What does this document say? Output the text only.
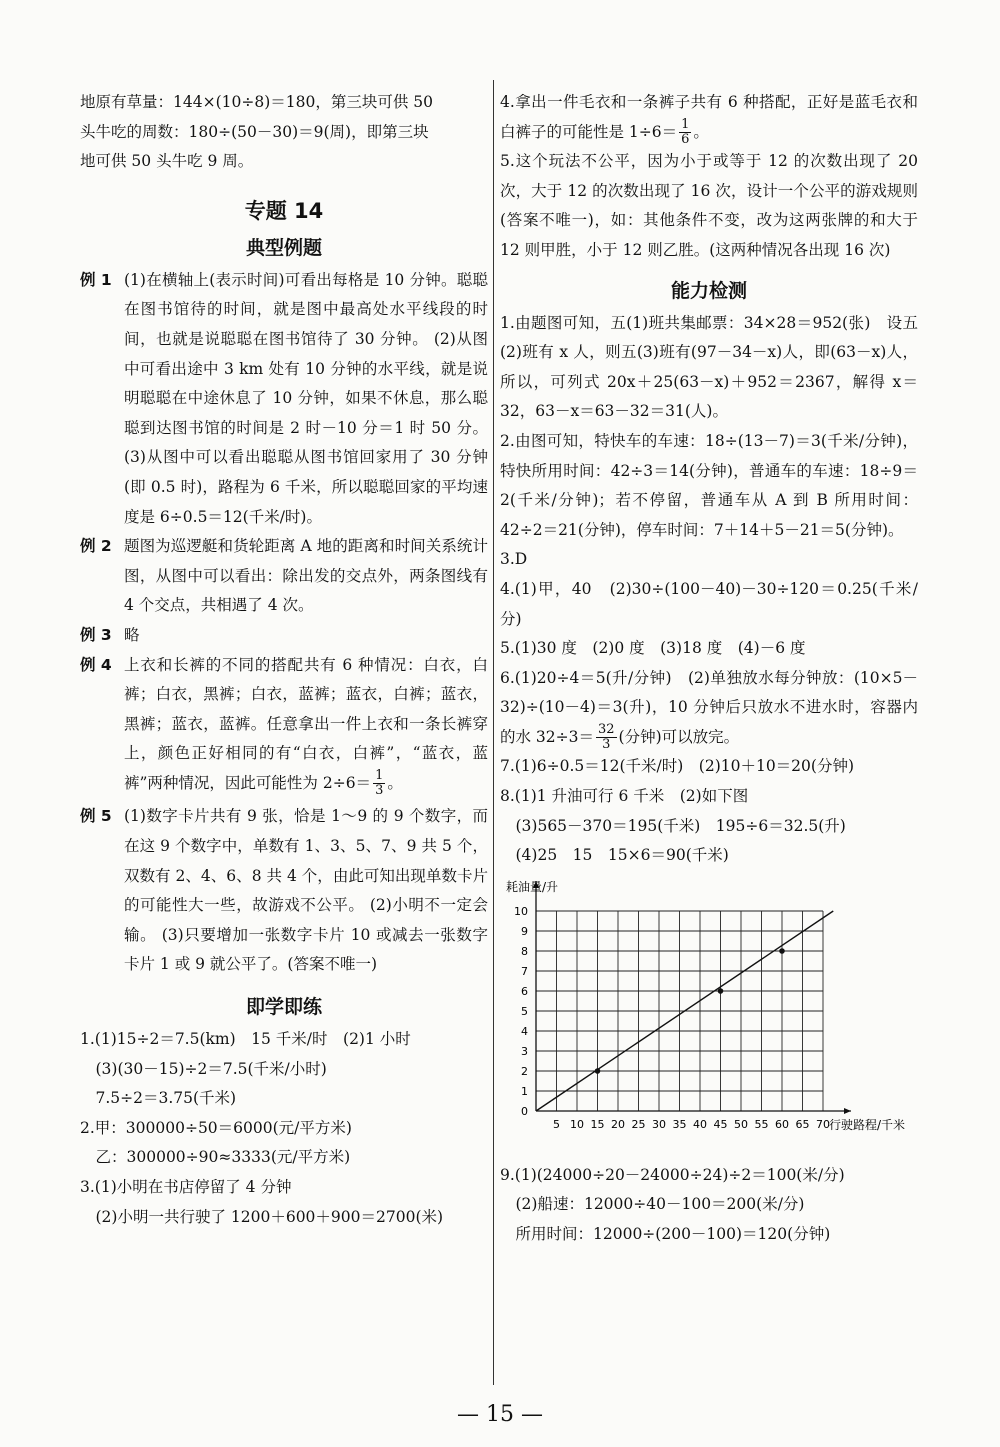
地原有草量：144×(10÷8)＝180，第三块可供 50

头牛吃的周数：180÷(50－30)＝9(周)，即第三块

地可供 50 头牛吃 9 周。

专题 14
典型例题
例 1 (1)在横轴上(表示时间)可看出每格是 10 分钟。聪聪在图书馆待的时间，就是图中最高处水平线段的时间，也就是说聪聪在图书馆待了 30 分钟。 (2)从图中可看出途中 3 km 处有 10 分钟的水平线，就是说明聪聪在中途休息了 10 分钟，如果不休息，那么聪聪到达图书馆的时间是 2 时－10 分＝1 时 50 分。 (3)从图中可以看出聪聪从图书馆回家用了 30 分钟(即 0.5 时)，路程为 6 千米，所以聪聪回家的平均速度是 6÷0.5＝12(千米/时)。
例 2 题图为巡逻艇和货轮距离 A 地的距离和时间关系统计图，从图中可以看出：除出发的交点外，两条图线有 4 个交点，共相遇了 4 次。
例 3 略
例 4 上衣和长裤的不同的搭配共有 6 种情况：白衣，白裤；白衣，黑裤；白衣，蓝裤；蓝衣，白裤；蓝衣，黑裤；蓝衣，蓝裤。任意拿出一件上衣和一条长裤穿上，颜色正好相同的有“白衣，白裤”，“蓝衣，蓝裤”两种情况，因此可能性为 $2\div 6= \frac{1}{3}$ 。
例 5 (1)数字卡片共有 9 张，恰是 1～9 的 9 个数字，而在这 9 个数字中，单数有 1、3、5、7、9 共 5 个，双数有 2、4、6、8 共 4 个，由此可知出现单数卡片的可能性大一些，故游戏不公平。 (2)小明不一定会输。 (3)只要增加一张数字卡片 10 或减去一张数字卡片 1 或 9 就公平了。(答案不唯一)
即学即练

1.(1)15÷2＝7.5(km)　15 千米/时　(2)1 小时

　(3)(30－15)÷2＝7.5(千米/小时)

　7.5÷2＝3.75(千米)

2.甲：300000÷50＝6000(元/平方米)

　乙：300000÷90≈3333(元/平方米)

3.(1)小明在书店停留了 4 分钟

　(2)小明一共行驶了 1200＋600＋900＝2700(米)

4.拿出一件毛衣和一条裤子共有 6 种搭配，正好是蓝毛衣和白裤子的可能性是 $1\div 6= \frac{1}{6}$ 。
5.这个玩法不公平，因为小于或等于 12 的次数出现了 20 次，大于 12 的次数出现了 16 次，设计一个公平的游戏规则(答案不唯一)，如：其他条件不变，改为这两张牌的和大于 12 则甲胜，小于 12 则乙胜。(这两种情况各出现 16 次)
能力检测
1.由题图可知，五(1)班共集邮票：34×28＝952(张)　设五(2)班有 x 人，则五(3)班有(97－34－x)人，即(63－x)人，所以，可列式 20x＋25(63－x)＋952＝2367，解得 x＝32，63－x＝63－32＝31(人)。
2.由图可知，特快车的车速：18÷(13－7)＝3(千米/分钟)，特快所用时间：42÷3＝14(分钟)，普通车的车速：18÷9＝2(千米/分钟)；若不停留，普通车从 A 到 B 所用时间：42÷2＝21(分钟)，停车时间：7＋14＋5－21＝5(分钟)。
3.D
4.(1)甲，40　(2)30÷(100－40)－30÷120＝0.25(千米/分)
5.(1)30 度　(2)0 度　(3)18 度　(4)－6 度
6.(1)20÷4＝5(升/分钟)　(2)单独放水每分钟放：(10×5－32)÷(10－4)＝3(升)，10 分钟后只放水不进水时，容器内的水 $32\div 3= \frac{32}{3}$ (分钟)可以放完。
7.(1)6÷0.5＝12(千米/时)　(2)10＋10＝20(分钟)

8.(1)1 升油可行 6 千米　(2)如下图

　(3)565－370＝195(千米)　195÷6＝32.5(升)

　(4)25　15　15×6＝90(千米)

0
1
2
3
4
5
6
7
8
9
10
5 10 15 20 25 30 35 40 45 50 55 60 65 70
耗油量/升
行驶路程/千米

9.(1)(24000÷20－24000÷24)÷2＝100(米/分)

　(2)船速：12000÷40－100＝200(米/分)

　所用时间：12000÷(200－100)＝120(分钟)

— 15 —
